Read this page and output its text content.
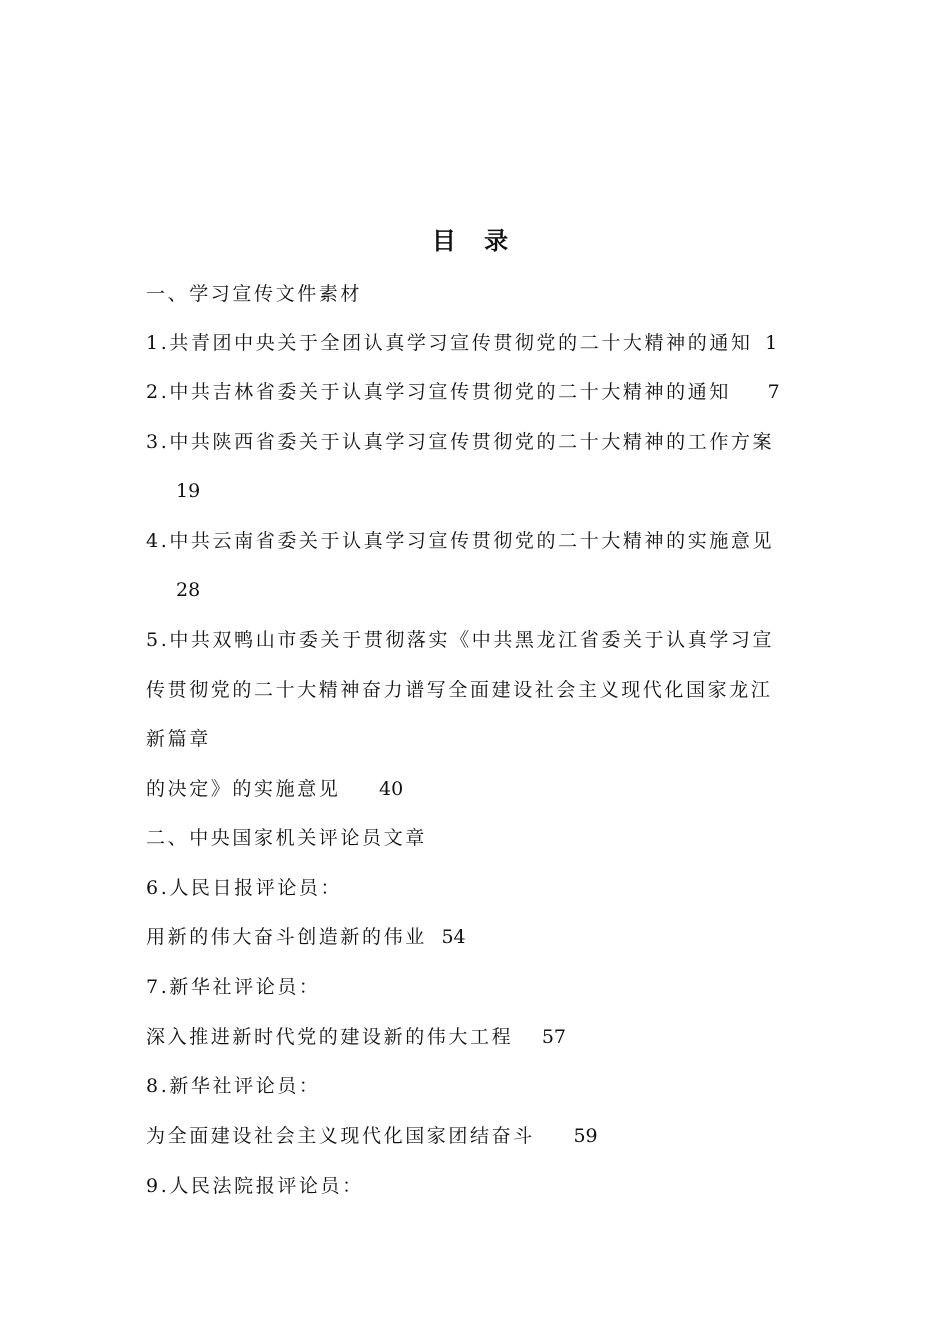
目 录
一、学习宣传文件素材
1.共青团中央关于全团认真学习宣传贯彻党的二十大精神的通知 1
2.中共吉林省委关于认真学习宣传贯彻党的二十大精神的通知 7
3.中共陕西省委关于认真学习宣传贯彻党的二十大精神的工作方案
19
4.中共云南省委关于认真学习宣传贯彻党的二十大精神的实施意见
28
5.中共双鸭山市委关于贯彻落实《中共黑龙江省委关于认真学习宣
传贯彻党的二十大精神奋力谱写全面建设社会主义现代化国家龙江
新篇章
的决定》的实施意见 40
二、中央国家机关评论员文章
6.人民日报评论员：
用新的伟大奋斗创造新的伟业 54
7.新华社评论员：
深入推进新时代党的建设新的伟大工程 57
8.新华社评论员：
为全面建设社会主义现代化国家团结奋斗 59
9.人民法院报评论员：
